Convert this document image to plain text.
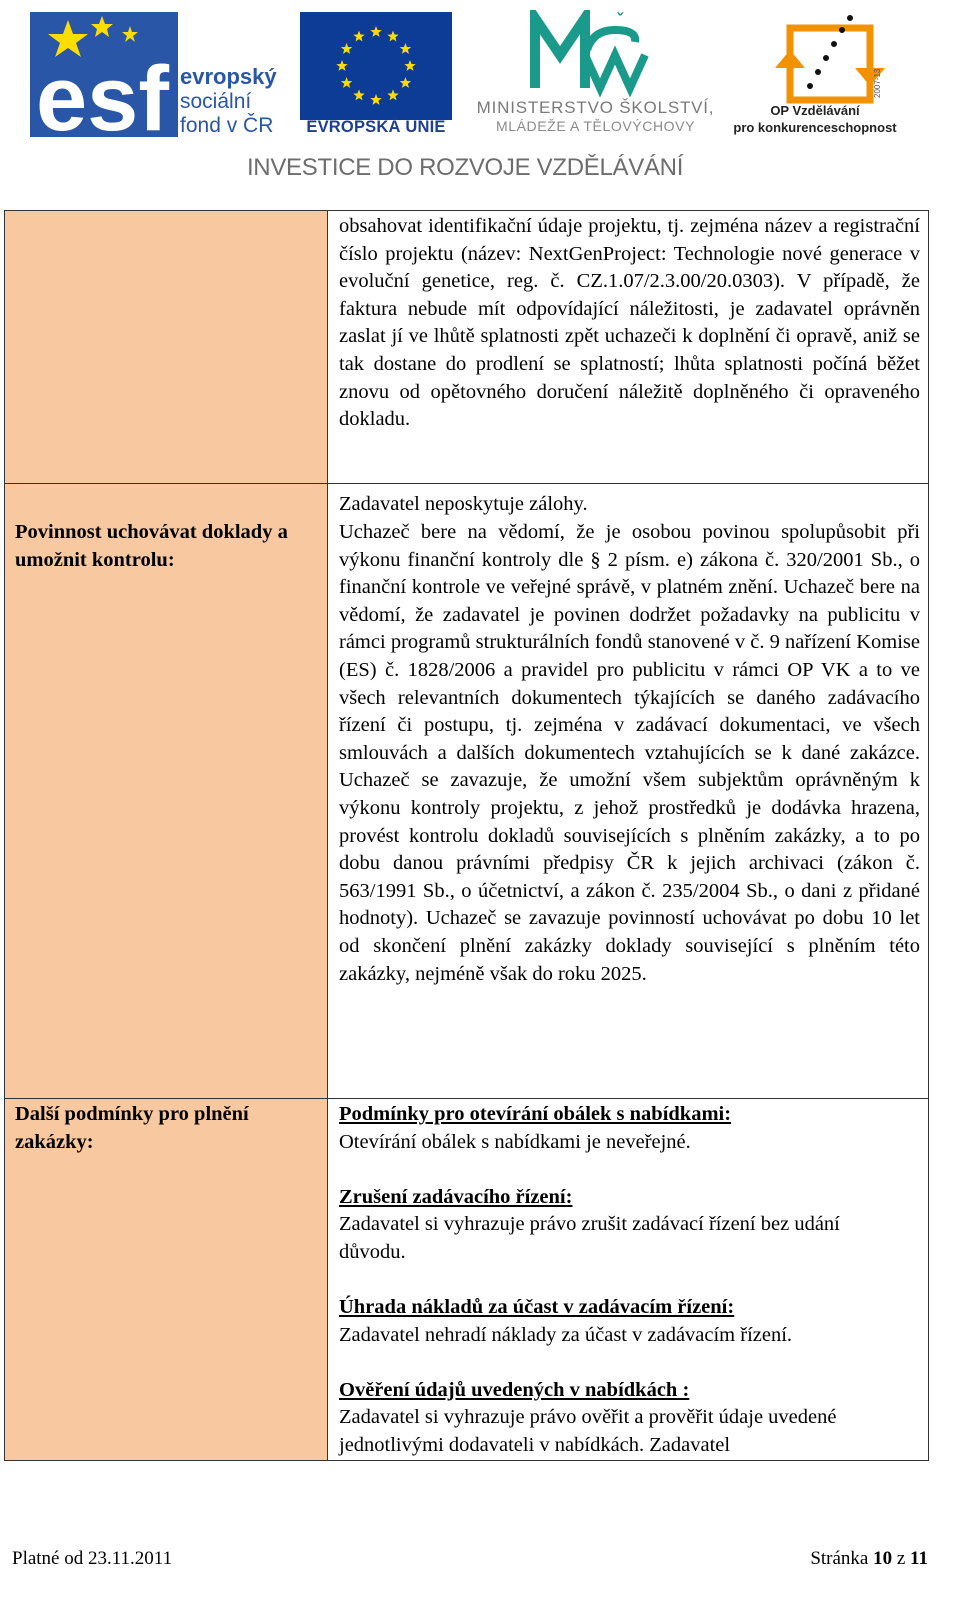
esf evropský
sociální
fond v ČR	EVROPSKÁ UNIE
ˇ
MINISTERSTVO ŠKOLSTVÍ,
MLÁDEŽE A TĚLOVÝCHOVY
2007-13
OP Vzdělávání
pro konkurenceschopnost
INVESTICE DO ROZVOJE VZDĚLÁVÁNÍ
obsahovat identifikační údaje projektu, tj. zejména název a registrační číslo projektu (název: NextGenProject: Technologie nové generace v evoluční genetice, reg. č. CZ.1.07/2.3.00/20.0303). V případě, že faktura nebude mít odpovídající náležitosti, je zadavatel oprávněn zaslat jí ve lhůtě splatnosti zpět uchazeči k doplnění či opravě, aniž se tak dostane do prodlení se splatností; lhůta splatnosti počíná běžet znovu od opětovného doručení náležitě doplněného či opraveného dokladu.
Zadavatel neposkytuje zálohy.
Povinnost uchovávat doklady a umožnit kontrolu:
Uchazeč bere na vědomí, že je osobou povinou spolupůsobit při výkonu finanční kontroly dle § 2 písm. e) zákona č. 320/2001 Sb., o finanční kontrole ve veřejné správě, v platném znění. Uchazeč bere na vědomí, že zadavatel je povinen dodržet požadavky na publicitu v rámci programů strukturálních fondů stanovené v č. 9 nařízení Komise (ES) č. 1828/2006 a pravidel pro publicitu v rámci OP VK a to ve všech relevantních dokumentech týkajících se daného zadávacího řízení či postupu, tj. zejména v zadávací dokumentaci, ve všech smlouvách a dalších dokumentech vztahujících se k dané zakázce. Uchazeč se zavazuje, že umožní všem subjektům oprávněným k výkonu kontroly projektu, z jehož prostředků je dodávka hrazena, provést kontrolu dokladů souvisejících s plněním zakázky, a to po dobu danou právními předpisy ČR k jejich archivaci (zákon č. 563/1991 Sb., o účetnictví, a zákon č. 235/2004 Sb., o dani z přidané hodnoty). Uchazeč se zavazuje povinností uchovávat po dobu 10 let od skončení plnění zakázky doklady související s plněním této zakázky, nejméně však do roku 2025.
Další podmínky pro plnění zakázky:
Podmínky pro otevírání obálek s nabídkami:
Otevírání obálek s nabídkami je neveřejné.
Zrušení zadávacího řízení:
Zadavatel si vyhrazuje právo zrušit zadávací řízení bez udání důvodu.
Úhrada nákladů za účast v zadávacím řízení:
Zadavatel nehradí náklady za účast v zadávacím řízení.
Ověření údajů uvedených v nabídkách :
Zadavatel si vyhrazuje právo ověřit a prověřit údaje uvedené jednotlivými dodavateli v nabídkách. Zadavatel
Platné od 23.11.2011	Stránka 10 z 11
